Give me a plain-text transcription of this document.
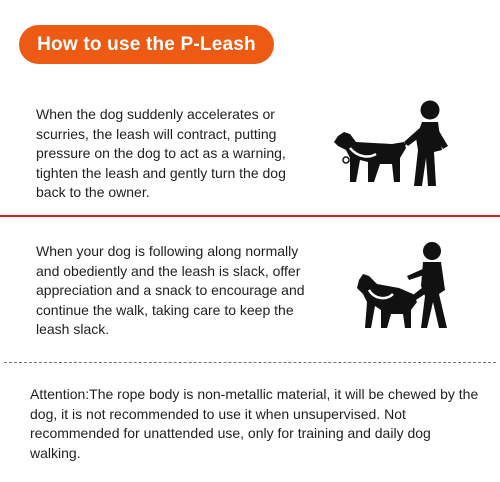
How to use the P-Leash

When the dog suddenly accelerates or scurries, the leash will contract, putting pressure on the dog to act as a warning, tighten the leash and gently turn the dog back to the owner.

When your dog is following along normally and obediently and the leash is slack, offer appreciation and a snack to encourage and continue the walk, taking care to keep the leash slack.

Attention:The rope body is non-metallic material, it will be chewed by the dog, it is not recommended to use it when unsupervised. Not recommended for unattended use, only for training and daily dog walking.
